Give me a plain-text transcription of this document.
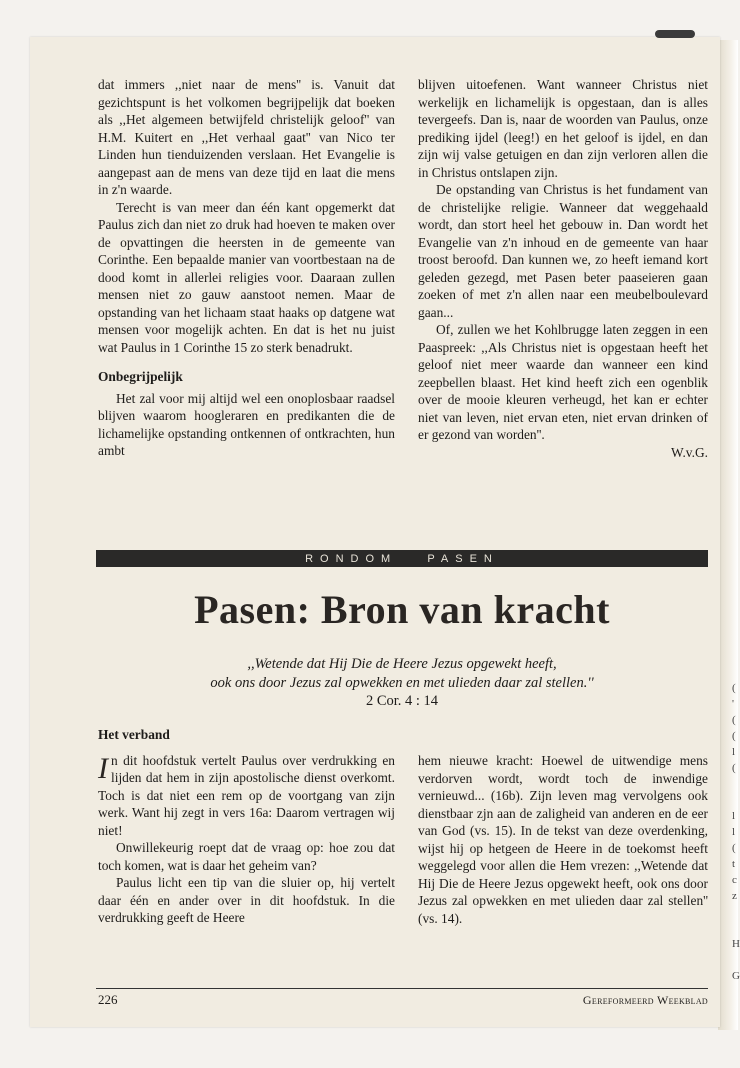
(
'
(
(
l
(

l
l
(
t
c
z

H

G

dat immers ,,niet naar de mens'' is. Vanuit dat gezichtspunt is het volkomen begrijpelijk dat boeken als ,,Het algemeen betwijfeld christelijk geloof'' van H.M. Kuitert en ,,Het verhaal gaat'' van Nico ter Linden hun tienduizenden verslaan. Het Evangelie is aangepast aan de mens van deze tijd en laat die mens in z'n waarde.

Terecht is van meer dan één kant opgemerkt dat Paulus zich dan niet zo druk had hoeven te maken over de opvattingen die heersten in de gemeente van Corinthe. Een bepaalde manier van voortbestaan na de dood komt in allerlei religies voor. Daaraan zullen mensen niet zo gauw aanstoot nemen. Maar de opstanding van het lichaam staat haaks op datgene wat mensen voor mogelijk achten. En dat is het nu juist wat Paulus in 1 Corinthe 15 zo sterk benadrukt.

Onbegrijpelijk

Het zal voor mij altijd wel een onoplosbaar raadsel blijven waarom hoogleraren en predikanten die de lichamelijke opstanding ontkennen of ontkrachten, hun ambt

blijven uitoefenen. Want wanneer Christus niet werkelijk en lichamelijk is opgestaan, dan is alles tevergeefs. Dan is, naar de woorden van Paulus, onze prediking ijdel (leeg!) en het geloof is ijdel, en dan zijn wij valse getuigen en dan zijn verloren allen die in Christus ontslapen zijn.

De opstanding van Christus is het fundament van de christelijke religie. Wanneer dat weggehaald wordt, dan stort heel het gebouw in. Dan wordt het Evangelie van z'n inhoud en de gemeente van haar troost beroofd. Dan kunnen we, zo heeft iemand kort geleden gezegd, met Pasen beter paaseieren gaan zoeken of met z'n allen naar een meubelboulevard gaan...

Of, zullen we het Kohlbrugge laten zeggen in een Paaspreek: ,,Als Christus niet is opgestaan heeft het geloof niet meer waarde dan wanneer een kind zeepbellen blaast. Het kind heeft zich een ogenblik over de mooie kleuren verheugd, het kan er echter niet van leven, niet ervan eten, niet ervan drinken of er gezond van worden''.

W.v.G.

RONDOM   PASEN
Pasen: Bron van kracht
,,Wetende dat Hij Die de Heere Jezus opgewekt heeft,
ook ons door Jezus zal opwekken en met ulieden daar zal stellen.''
2 Cor. 4 : 14

Het verband

In dit hoofdstuk vertelt Paulus over verdrukking en lijden dat hem in zijn apostolische dienst overkomt. Toch is dat niet een rem op de voortgang van zijn werk. Want hij zegt in vers 16a: Daarom vertragen wij niet!

Onwillekeurig roept dat de vraag op: hoe zou dat toch komen, wat is daar het geheim van?

Paulus licht een tip van die sluier op, hij vertelt daar één en ander over in dit hoofdstuk. In die verdrukking geeft de Heere

hem nieuwe kracht: Hoewel de uitwendige mens verdorven wordt, wordt toch de inwendige vernieuwd... (16b). Zijn leven mag vervolgens ook dienstbaar zjn aan de zaligheid van anderen en de eer van God (vs. 15). In de tekst van deze overdenking, wijst hij op hetgeen de Heere in de toekomst heeft weggelegd voor allen die Hem vrezen: ,,Wetende dat Hij Die de Heere Jezus opgewekt heeft, ook ons door Jezus zal opwekken en met ulieden daar zal stellen'' (vs. 14).

226	Gereformeerd Weekblad
